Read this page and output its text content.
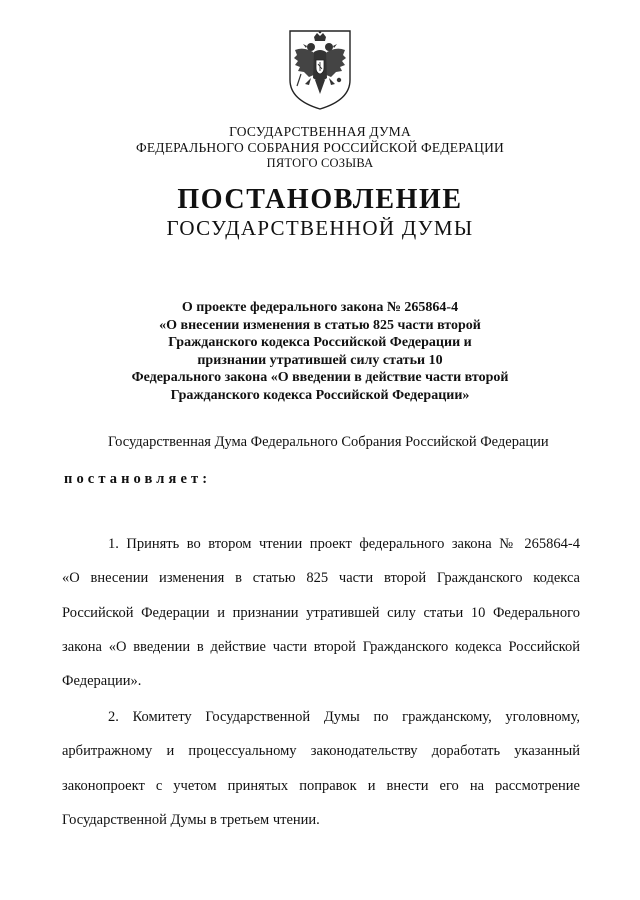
ГОСУДАРСТВЕННАЯ ДУМА
ФЕДЕРАЛЬНОГО СОБРАНИЯ РОССИЙСКОЙ ФЕДЕРАЦИИ
ПЯТОГО СОЗЫВА
ПОСТАНОВЛЕНИЕ
ГОСУДАРСТВЕННОЙ ДУМЫ
О проекте федерального закона № 265864-4
«О внесении изменения в статью 825 части второй
Гражданского кодекса Российской Федерации и
признании утратившей силу статьи 10
Федерального закона «О введении в действие части второй
Гражданского кодекса Российской Федерации»
Государственная Дума Федерального Собрания Российской Федерации
постановляет:
1. Принять во втором чтении проект федерального закона № 265864-4
«О внесении изменения в статью 825 части второй Гражданского кодекса
Российской Федерации и признании утратившей силу статьи 10 Федерального
закона «О введении в действие части второй Гражданского кодекса Российской
Федерации».
2. Комитету Государственной Думы по гражданскому, уголовному,
арбитражному и процессуальному законодательству доработать указанный
законопроект с учетом принятых поправок и внести его на рассмотрение
Государственной Думы в третьем чтении.
